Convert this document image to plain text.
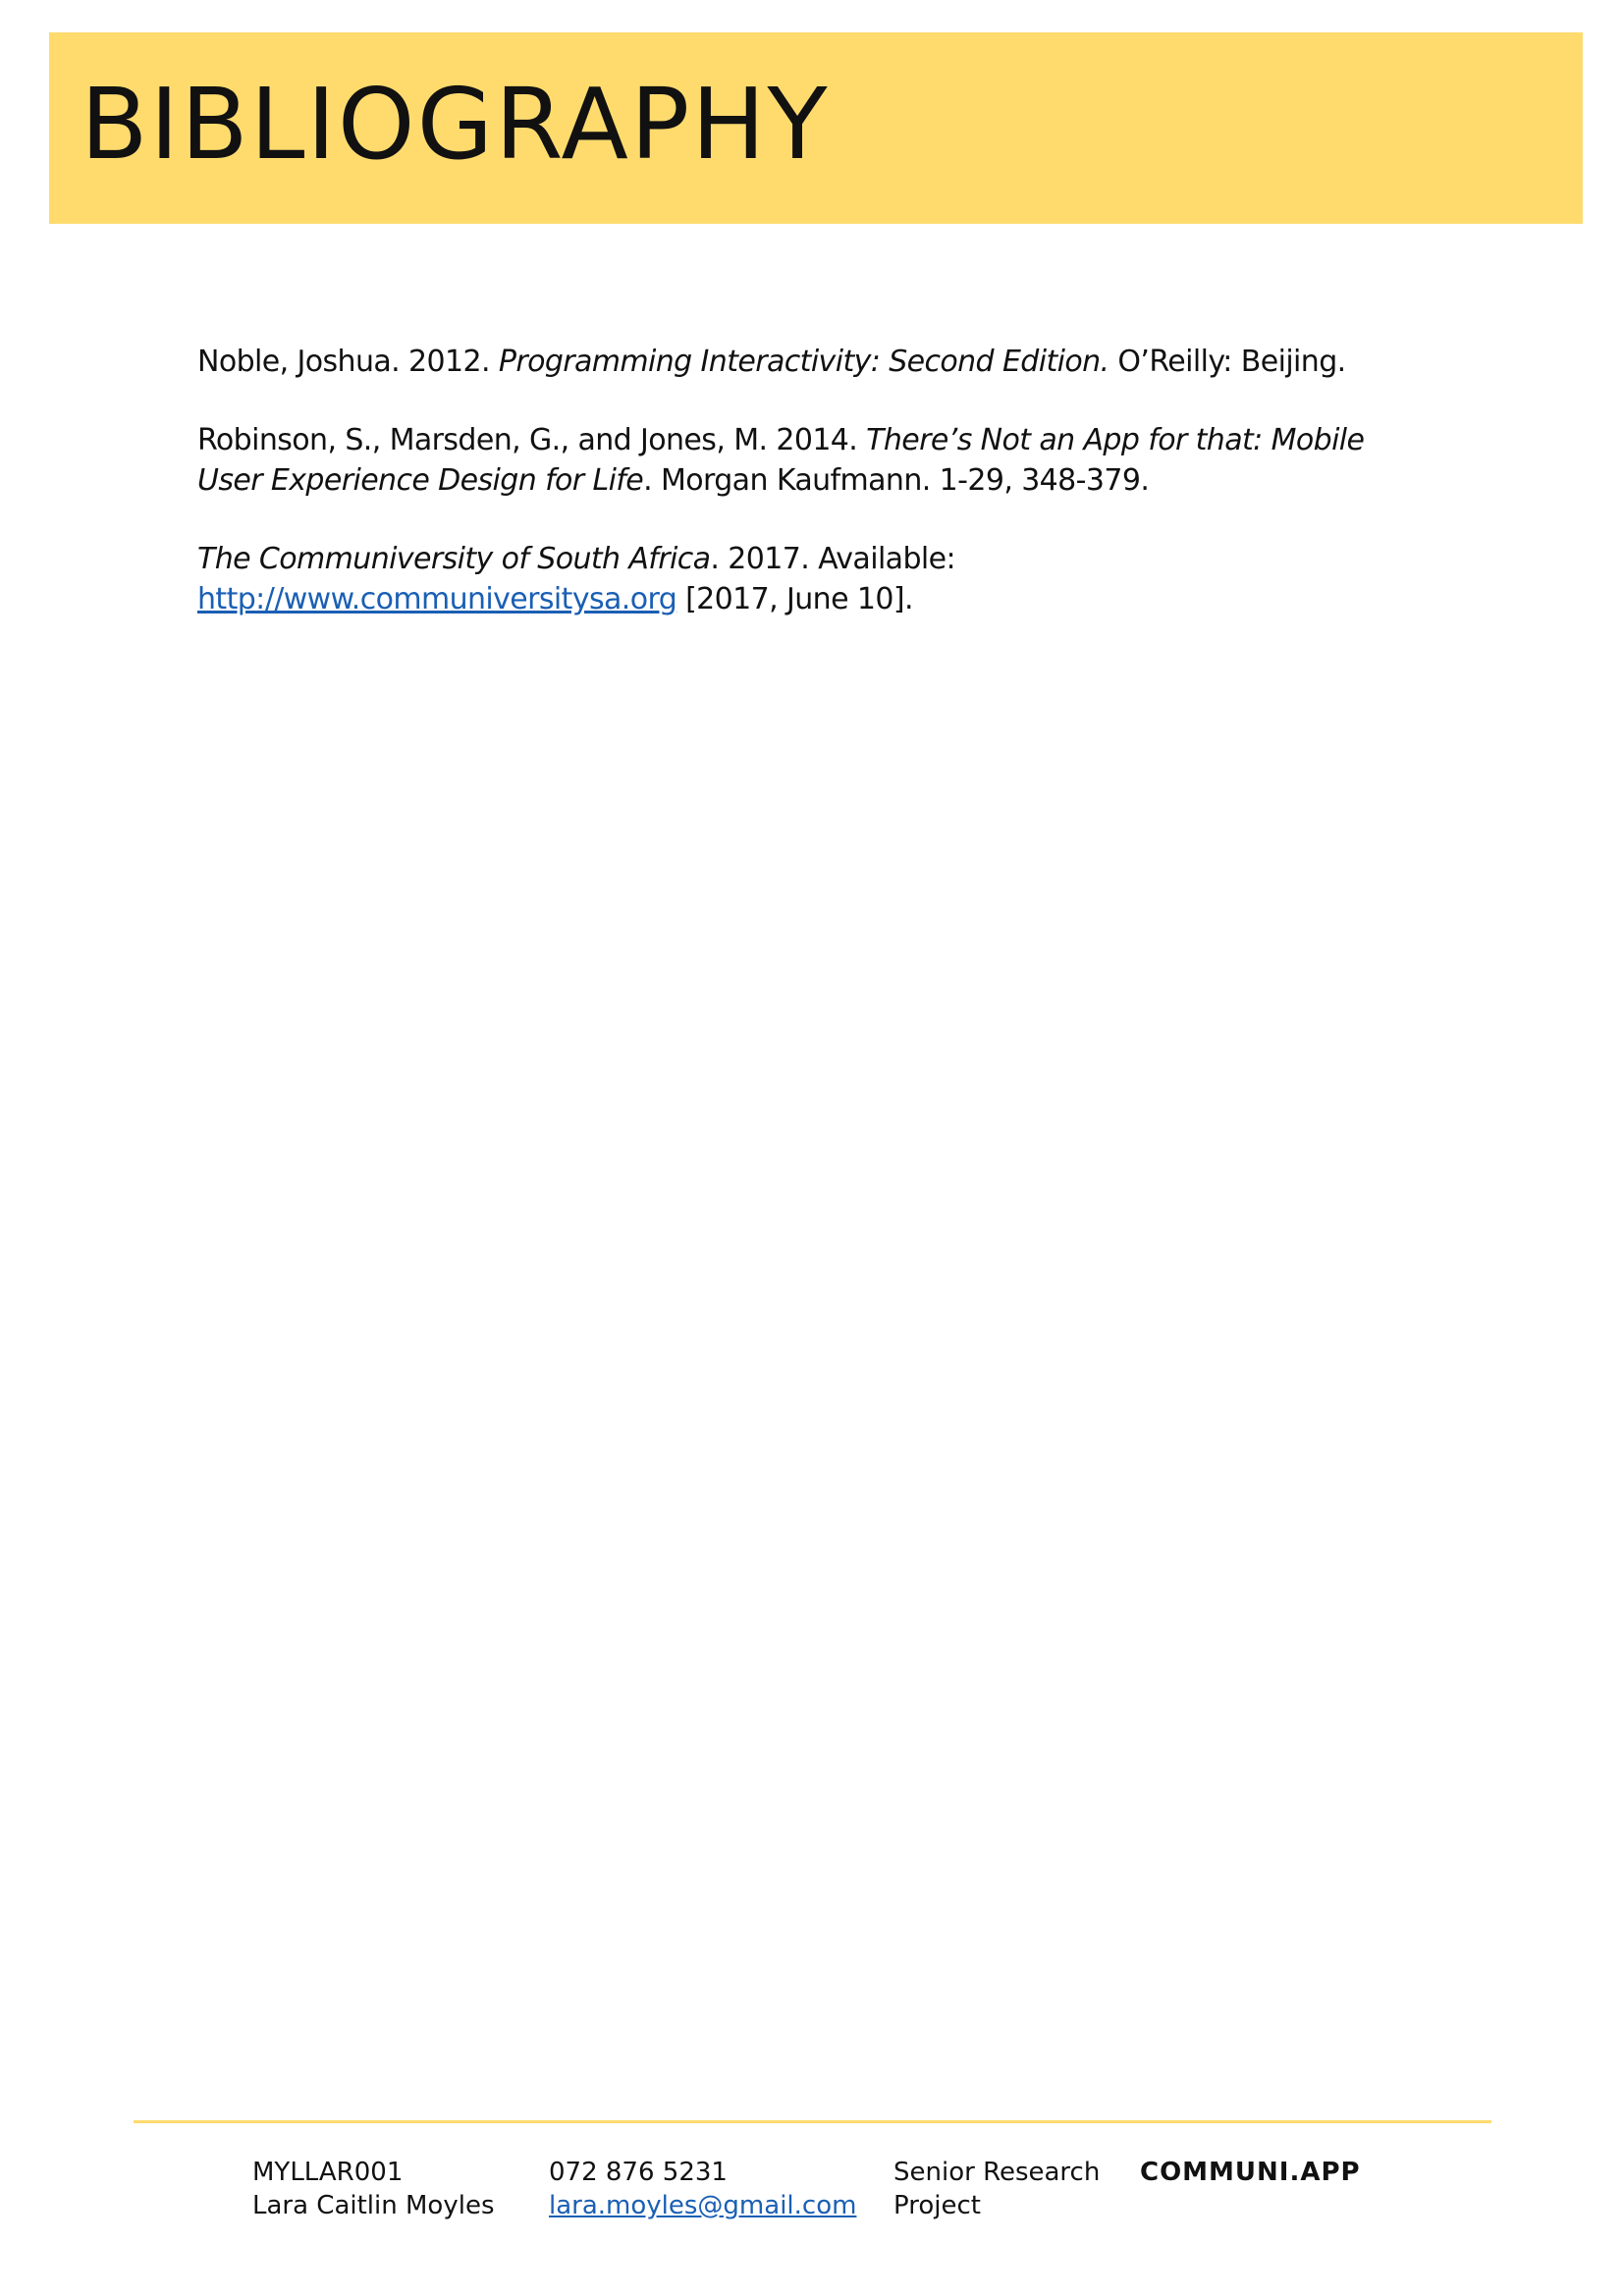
BIBLIOGRAPHY

Noble, Joshua. 2012. Programming Interactivity: Second Edition. O’Reilly: Beijing.

Robinson, S., Marsden, G., and Jones, M. 2014. There’s Not an App for that: Mobile User Experience Design for Life. Morgan Kaufmann. 1-29, 348-379.

The Communiversity of South Africa. 2017. Available: http://www.communiversitysa.org [2017, June 10].

MYLLAR001
Lara Caitlin Moyles
072 876 5231
lara.moyles@gmail.com
Senior Research
Project
COMMUNI.APP
